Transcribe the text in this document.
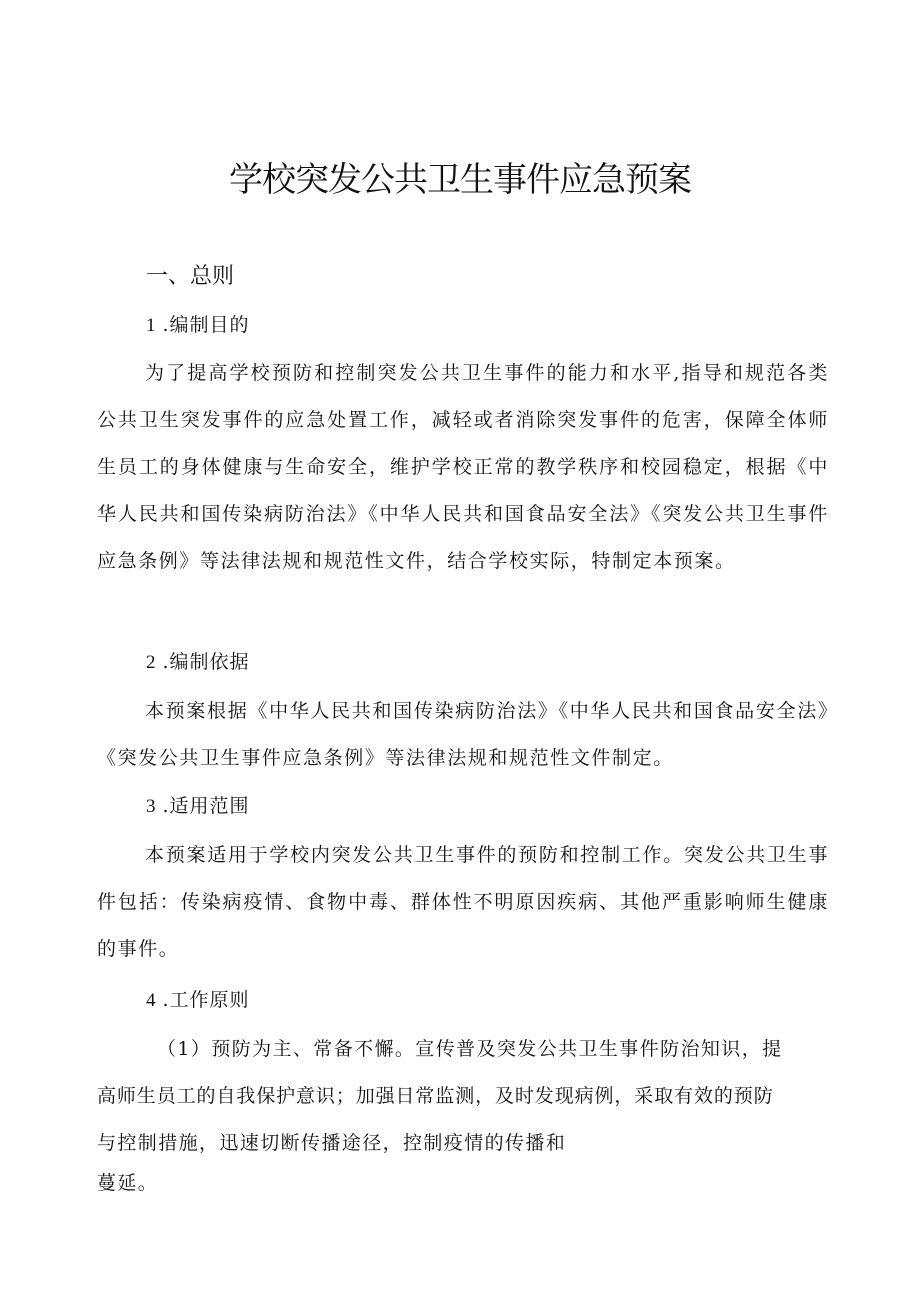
学校突发公共卫生事件应急预案
一、总则
1 .编制目的

为了提高学校预防和控制突发公共卫生事件的能力和水平,指导和规范各类公共卫生突发事件的应急处置工作，减轻或者消除突发事件的危害，保障全体师生员工的身体健康与生命安全，维护学校正常的教学秩序和校园稳定，根据《中华人民共和国传染病防治法》《中华人民共和国食品安全法》《突发公共卫生事件应急条例》等法律法规和规范性文件，结合学校实际，特制定本预案。

2 .编制依据

本预案根据《中华人民共和国传染病防治法》《中华人民共和国食品安全法》《突发公共卫生事件应急条例》等法律法规和规范性文件制定。

3 .适用范围

本预案适用于学校内突发公共卫生事件的预防和控制工作。突发公共卫生事件包括：传染病疫情、食物中毒、群体性不明原因疾病、其他严重影响师生健康的事件。

4 .工作原则
（1）预防为主、常备不懈。宣传普及突发公共卫生事件防治知识，提
高师生员工的自我保护意识；加强日常监测，及时发现病例，采取有效的预防
与控制措施，迅速切断传播途径，控制疫情的传播和
蔓延。
